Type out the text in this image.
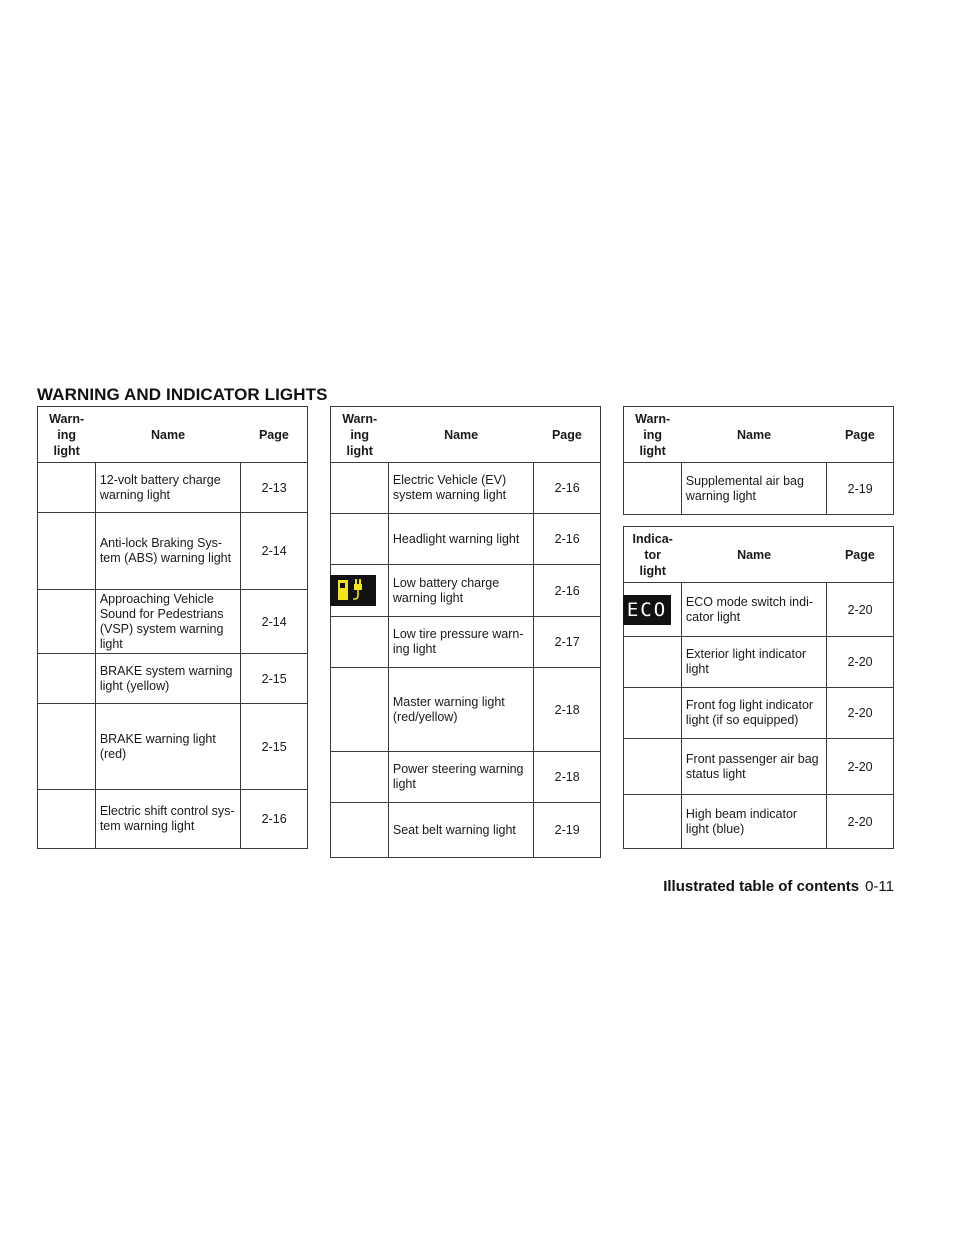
WARNING AND INDICATOR LIGHTS
Warn-
ing
light	Name	Page
	12-volt battery charge
warning light	2-13
	Anti-lock Braking Sys-
tem (ABS) warning light	2-14
	Approaching Vehicle
Sound for Pedestrians
(VSP) system warning
light	2-14
	BRAKE system warning
light (yellow)	2-15
	BRAKE warning light
(red)	2-15
	Electric shift control sys-
tem warning light	2-16
Warn-
ing
light	Name	Page
	Electric Vehicle (EV)
system warning light	2-16
	Headlight warning light	2-16

	Low battery charge
warning light	2-16
	Low tire pressure warn-
ing light	2-17
	Master warning light
(red/yellow)	2-18
	Power steering warning
light	2-18
	Seat belt warning light	2-19
Warn-
ing
light	Name	Page
	Supplemental air bag
warning light	2-19
Indica-
tor
light	Name	Page
ECO	ECO mode switch indi-
cator light	2-20
	Exterior light indicator
light	2-20
	Front fog light indicator
light (if so equipped)	2-20
	Front passenger air bag
status light	2-20
	High beam indicator
light (blue)	2-20
Illustrated table of contents 0-11
